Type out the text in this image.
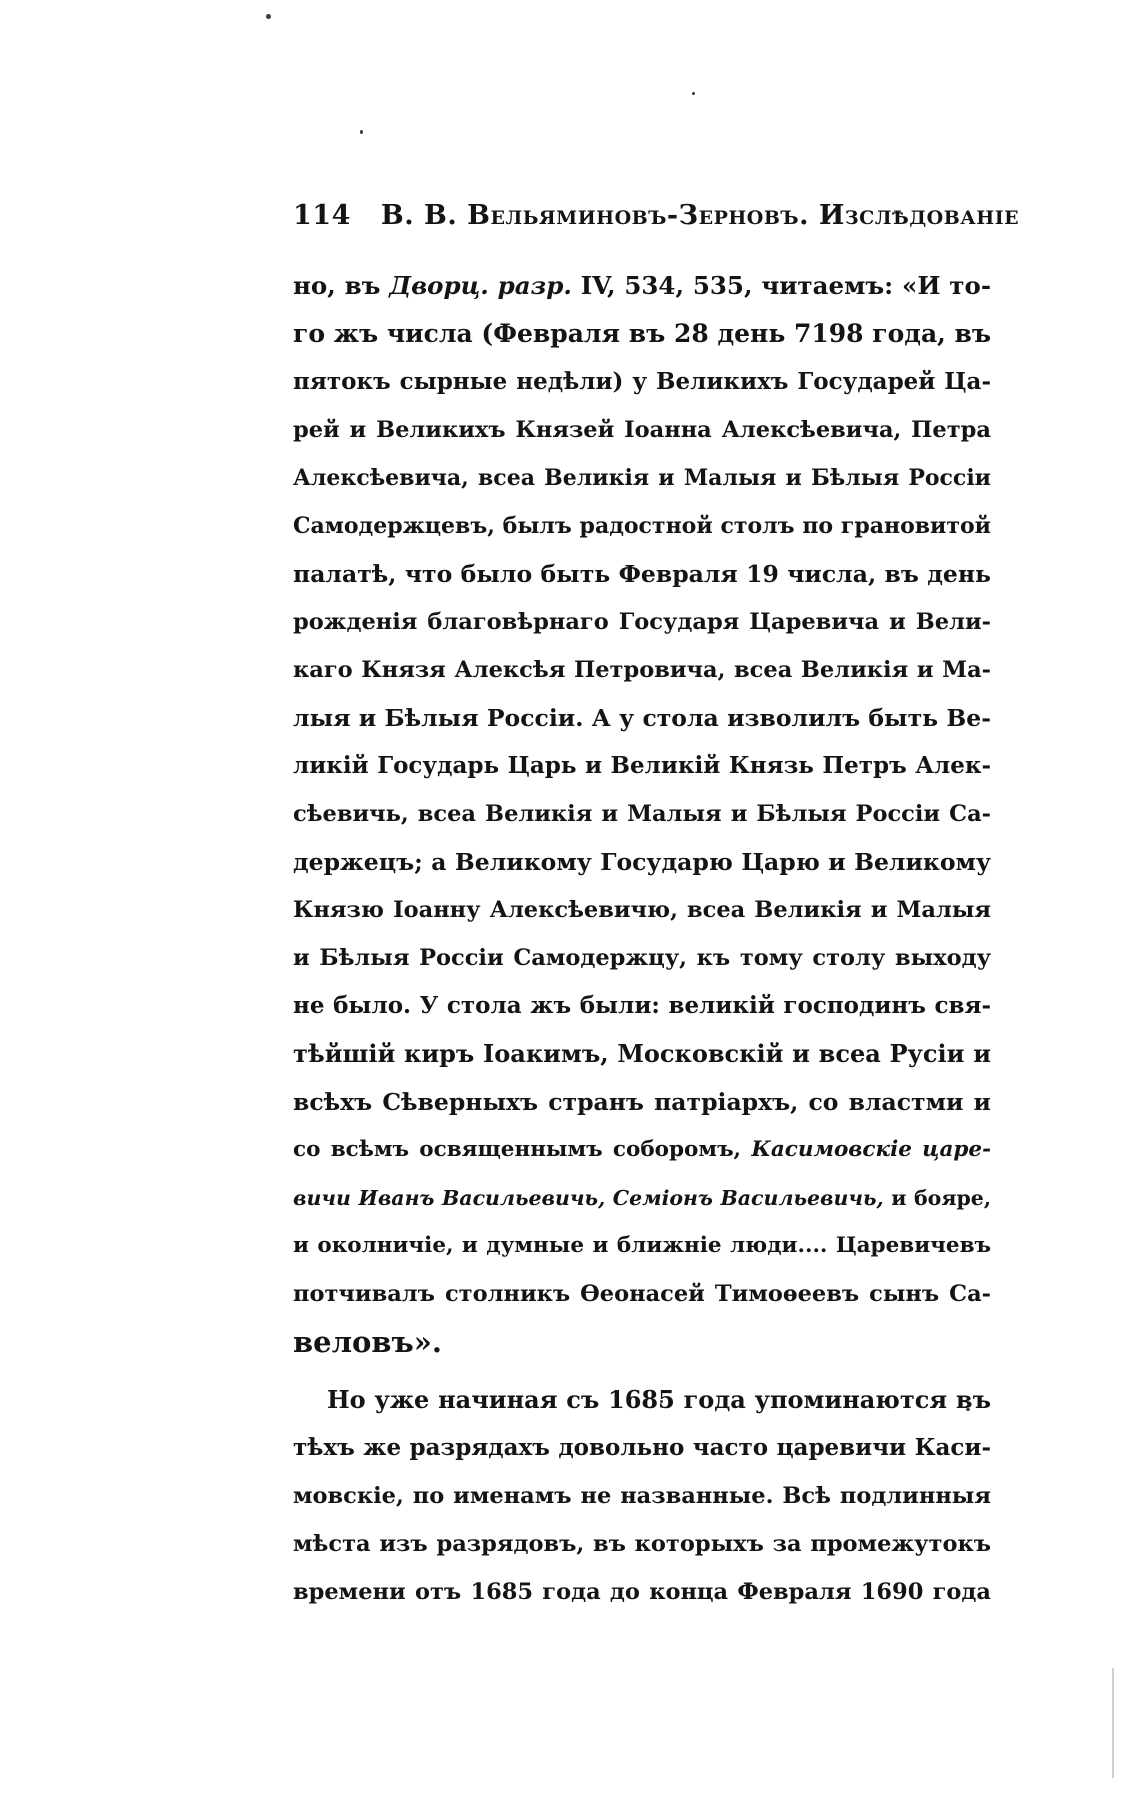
114 В. В. Вельяминовъ-Зерновъ. Изслѣдованіе
но, въ Дворц. разр. IV, 534, 535, читаемъ: «И то-
го жъ числа (Февраля въ 28 день 7198 года, въ
пятокъ сырные недѣли) у Великихъ Государей Ца-
рей и Великихъ Князей Іоанна Алексѣевича, Петра
Алексѣевича, всеа Великія и Малыя и Бѣлыя Россіи
Самодержцевъ, былъ радостной столъ по грановитой
палатѣ, что было быть Февраля 19 числа, въ день
рожденія благовѣрнаго Государя Царевича и Вели-
каго Князя Алексѣя Петровича, всеа Великія и Ма-
лыя и Бѣлыя Россіи. А у стола изволилъ быть Ве-
ликій Государь Царь и Великій Князь Петръ Алек-
сѣевичь, всеа Великія и Малыя и Бѣлыя Россіи Са-
держецъ; а Великому Государю Царю и Великому
Князю Іоанну Алексѣевичю, всеа Великія и Малыя
и Бѣлыя Россіи Самодержцу, къ тому столу выходу
не было. У стола жъ были: великій господинъ свя-
тѣйшій киръ Іоакимъ, Московскій и всеа Русіи и
всѣхъ Сѣверныхъ странъ патріархъ, со властми и
со всѣмъ освященнымъ соборомъ, Касимовскіе царе-
вичи Иванъ Васильевичь, Семіонъ Васильевичь, и бояре,
и околничіе, и думные и ближніе люди.... Царевичевъ
потчивалъ столникъ Ѳеонасей Тимоѳеевъ сынъ Са-
веловъ».
Но уже начиная съ 1685 года упоминаются въ
тѣхъ же разрядахъ довольно часто царевичи Каси-
мовскіе, по именамъ не названные. Всѣ подлинныя
мѣста изъ разрядовъ, въ которыхъ за промежутокъ
времени отъ 1685 года до конца Февраля 1690 года
